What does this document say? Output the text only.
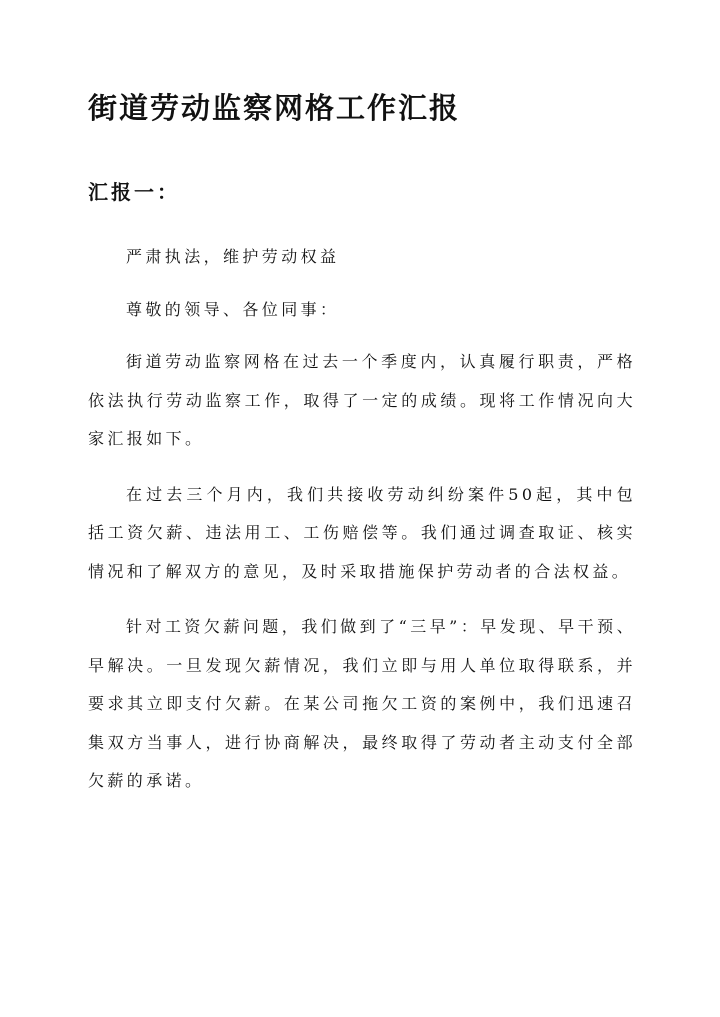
街道劳动监察网格工作汇报
汇报一：

严肃执法，维护劳动权益

尊敬的领导、各位同事：

街道劳动监察网格在过去一个季度内，认真履行职责，严格依法执行劳动监察工作，取得了一定的成绩。现将工作情况向大家汇报如下。

在过去三个月内，我们共接收劳动纠纷案件50起，其中包括工资欠薪、违法用工、工伤赔偿等。我们通过调查取证、核实情况和了解双方的意见，及时采取措施保护劳动者的合法权益。

针对工资欠薪问题，我们做到了“三早”：早发现、早干预、早解决。一旦发现欠薪情况，我们立即与用人单位取得联系，并要求其立即支付欠薪。在某公司拖欠工资的案例中，我们迅速召集双方当事人，进行协商解决，最终取得了劳动者主动支付全部欠薪的承诺。
